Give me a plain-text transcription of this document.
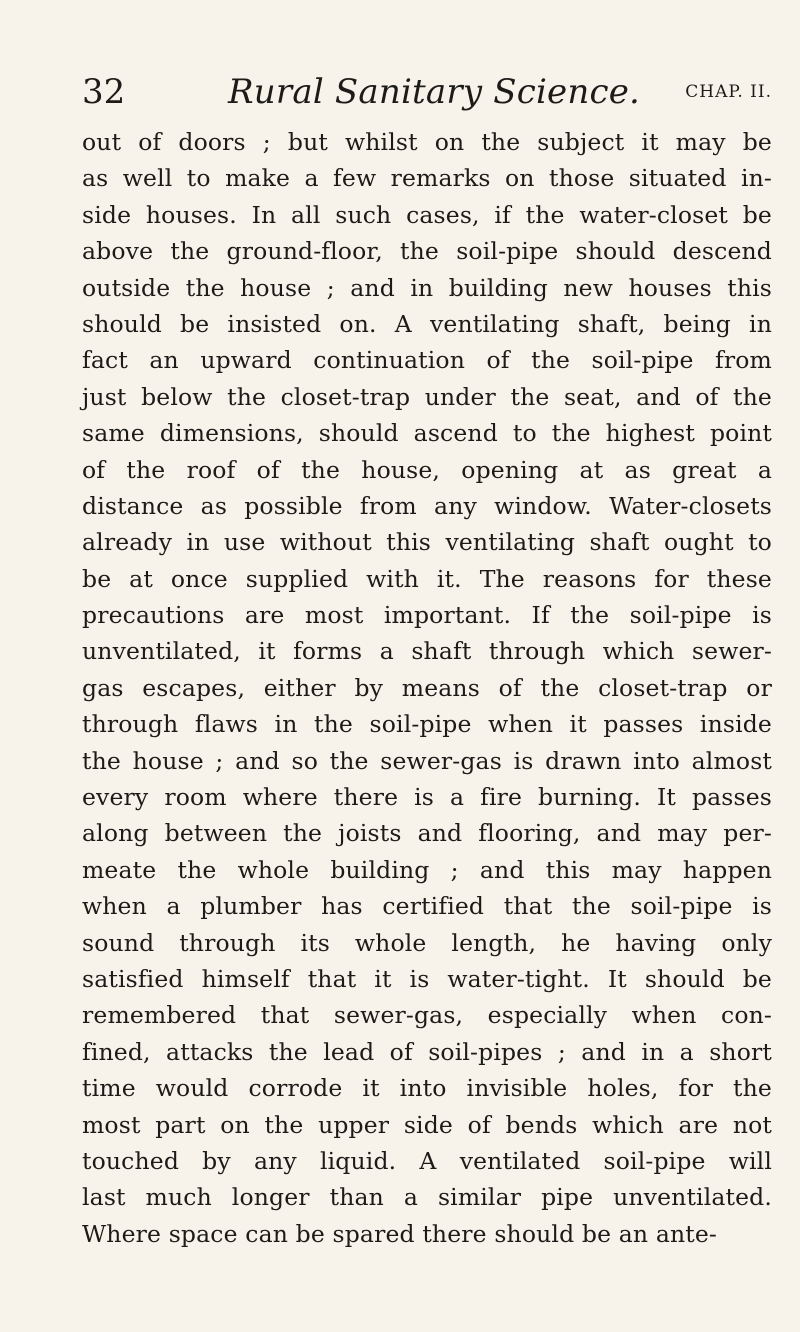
32	Rural Sanitary Science.	CHAP. II.
out of doors ; but whilst on the subject it may be
as well to make a few remarks on those situated in-
side houses. In all such cases, if the water-closet be
above the ground-floor, the soil-pipe should descend
outside the house ; and in building new houses this
should be insisted on. A ventilating shaft, being in
fact an upward continuation of the soil-pipe from
just below the closet-trap under the seat, and of the
same dimensions, should ascend to the highest point
of the roof of the house, opening at as great a
distance as possible from any window. Water-closets
already in use without this ventilating shaft ought to
be at once supplied with it. The reasons for these
precautions are most important. If the soil-pipe is
unventilated, it forms a shaft through which sewer-
gas escapes, either by means of the closet-trap or
through flaws in the soil-pipe when it passes inside
the house ; and so the sewer-gas is drawn into almost
every room where there is a fire burning. It passes
along between the joists and flooring, and may per-
meate the whole building ; and this may happen
when a plumber has certified that the soil-pipe is
sound through its whole length, he having only
satisfied himself that it is water-tight. It should be
remembered that sewer-gas, especially when con-
fined, attacks the lead of soil-pipes ; and in a short
time would corrode it into invisible holes, for the
most part on the upper side of bends which are not
touched by any liquid. A ventilated soil-pipe will
last much longer than a similar pipe unventilated.
Where space can be spared there should be an ante-
